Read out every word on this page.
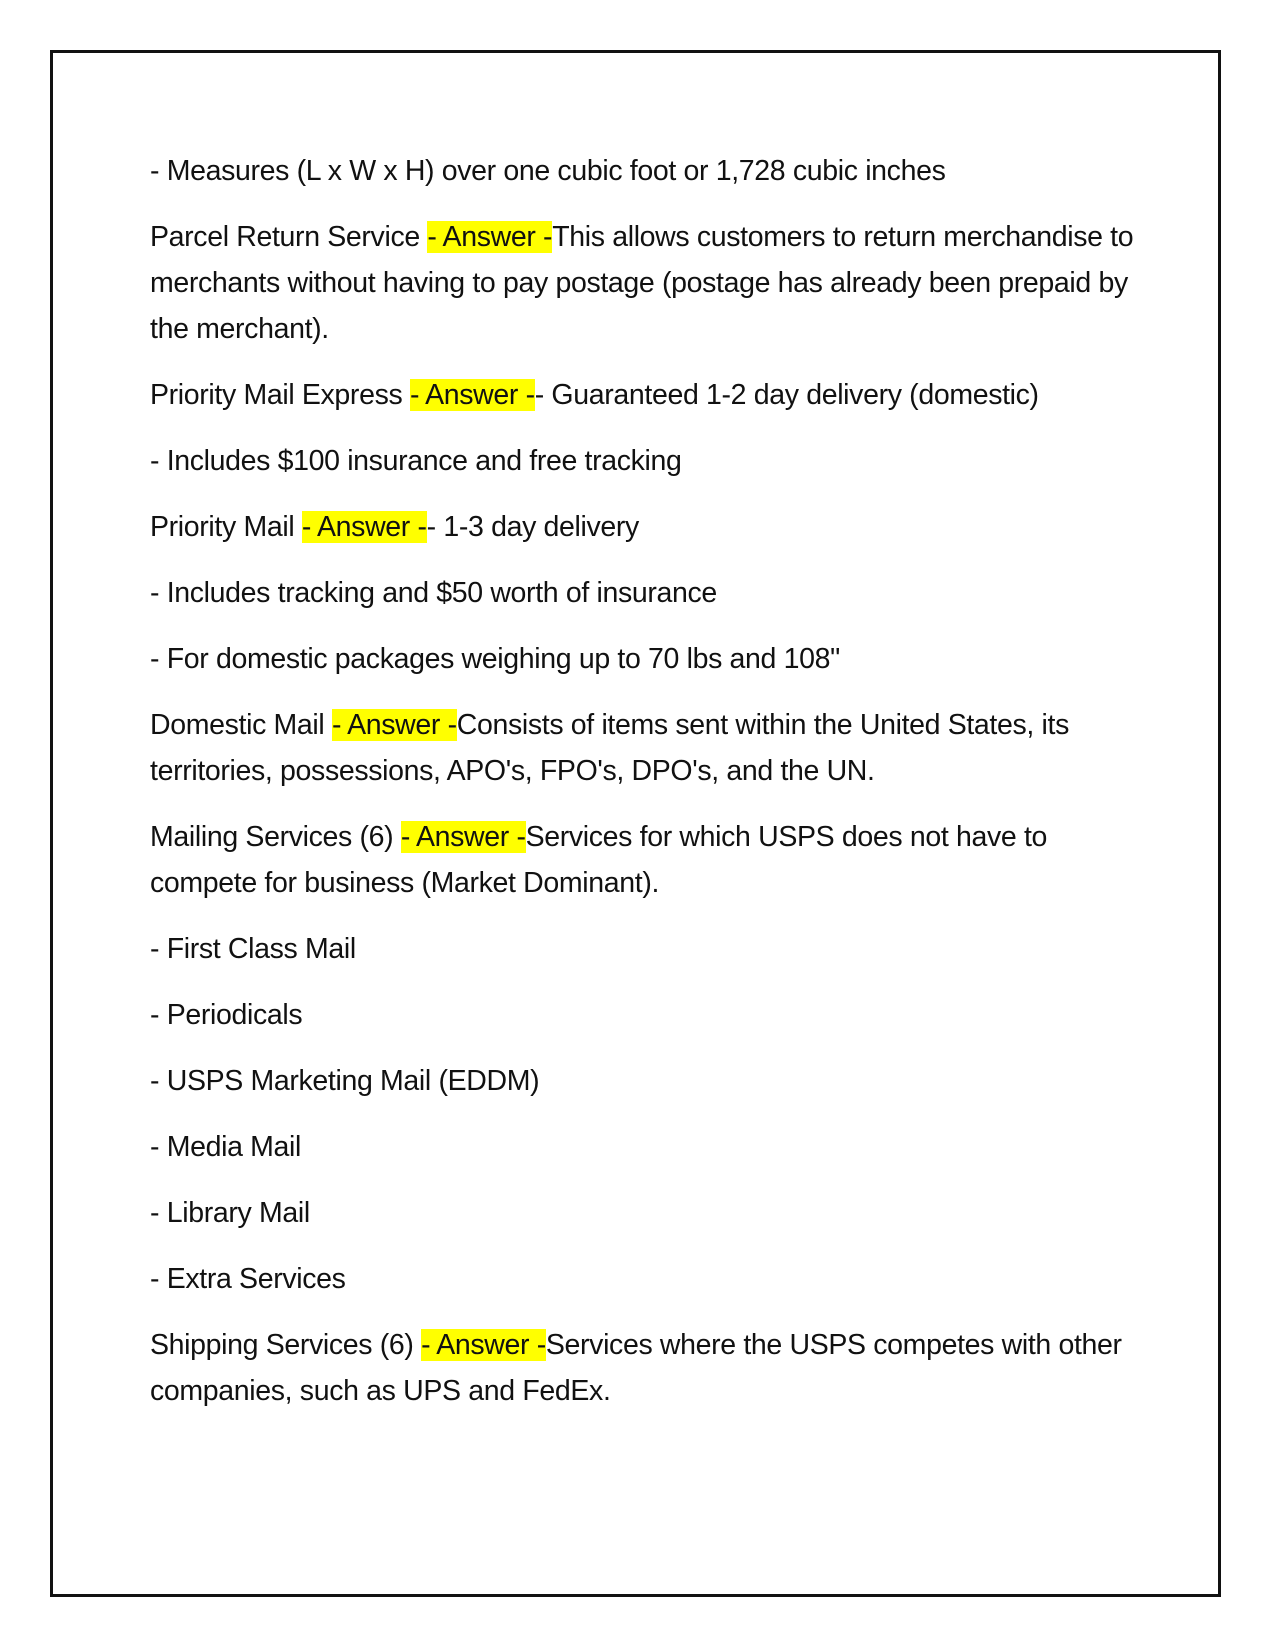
- Measures (L x W x H) over one cubic foot or 1,728 cubic inches

Parcel Return Service - Answer -This allows customers to return merchandise to merchants without having to pay postage (postage has already been prepaid by the merchant).

Priority Mail Express - Answer -- Guaranteed 1-2 day delivery (domestic)

- Includes $100 insurance and free tracking

Priority Mail - Answer -- 1-3 day delivery

- Includes tracking and $50 worth of insurance

- For domestic packages weighing up to 70 lbs and 108"

Domestic Mail - Answer -Consists of items sent within the United States, its territories, possessions, APO's, FPO's, DPO's, and the UN.

Mailing Services (6) - Answer -Services for which USPS does not have to compete for business (Market Dominant).

- First Class Mail

- Periodicals

- USPS Marketing Mail (EDDM)

- Media Mail

- Library Mail

- Extra Services

Shipping Services (6) - Answer -Services where the USPS competes with other companies, such as UPS and FedEx.
